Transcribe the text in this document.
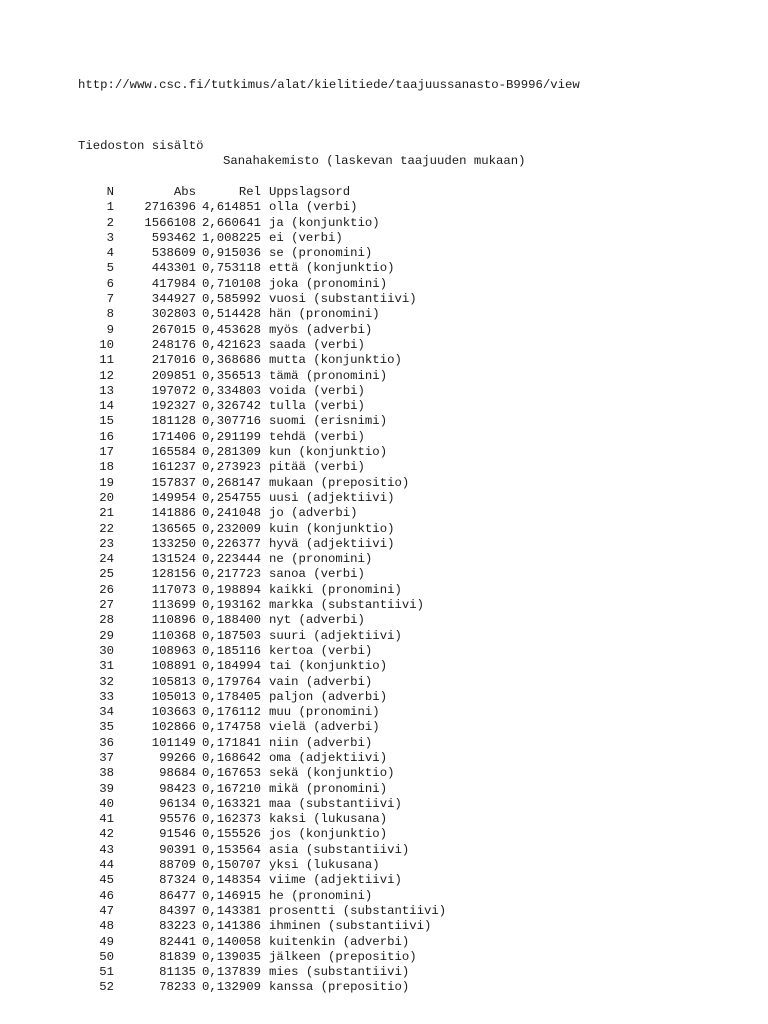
http://www.csc.fi/tutkimus/alat/kielitiede/taajuussanasto-B9996/view
Tiedoston sisältö
Sanahakemisto (laskevan taajuuden mukaan)
N	Abs	Rel Uppslagsord
1	2716396 4,614851 olla (verbi)
2	1566108 2,660641 ja (konjunktio)
3	593462 1,008225 ei (verbi)
4	538609 0,915036 se (pronomini)
5	443301 0,753118 että (konjunktio)
6	417984 0,710108 joka (pronomini)
7	344927 0,585992 vuosi (substantiivi)
8	302803 0,514428 hän (pronomini)
9	267015 0,453628 myös (adverbi)
10	248176 0,421623 saada (verbi)
11	217016 0,368686 mutta (konjunktio)
12	209851 0,356513 tämä (pronomini)
13	197072 0,334803 voida (verbi)
14	192327 0,326742 tulla (verbi)
15	181128 0,307716 suomi (erisnimi)
16	171406 0,291199 tehdä (verbi)
17	165584 0,281309 kun (konjunktio)
18	161237 0,273923 pitää (verbi)
19	157837 0,268147 mukaan (prepositio)
20	149954 0,254755 uusi (adjektiivi)
21	141886 0,241048 jo (adverbi)
22	136565 0,232009 kuin (konjunktio)
23	133250 0,226377 hyvä (adjektiivi)
24	131524 0,223444 ne (pronomini)
25	128156 0,217723 sanoa (verbi)
26	117073 0,198894 kaikki (pronomini)
27	113699 0,193162 markka (substantiivi)
28	110896 0,188400 nyt (adverbi)
29	110368 0,187503 suuri (adjektiivi)
30	108963 0,185116 kertoa (verbi)
31	108891 0,184994 tai (konjunktio)
32	105813 0,179764 vain (adverbi)
33	105013 0,178405 paljon (adverbi)
34	103663 0,176112 muu (pronomini)
35	102866 0,174758 vielä (adverbi)
36	101149 0,171841 niin (adverbi)
37	99266 0,168642 oma (adjektiivi)
38	98684 0,167653 sekä (konjunktio)
39	98423 0,167210 mikä (pronomini)
40	96134 0,163321 maa (substantiivi)
41	95576 0,162373 kaksi (lukusana)
42	91546 0,155526 jos (konjunktio)
43	90391 0,153564 asia (substantiivi)
44	88709 0,150707 yksi (lukusana)
45	87324 0,148354 viime (adjektiivi)
46	86477 0,146915 he (pronomini)
47	84397 0,143381 prosentti (substantiivi)
48	83223 0,141386 ihminen (substantiivi)
49	82441 0,140058 kuitenkin (adverbi)
50	81839 0,139035 jälkeen (prepositio)
51	81135 0,137839 mies (substantiivi)
52	78233 0,132909 kanssa (prepositio)
